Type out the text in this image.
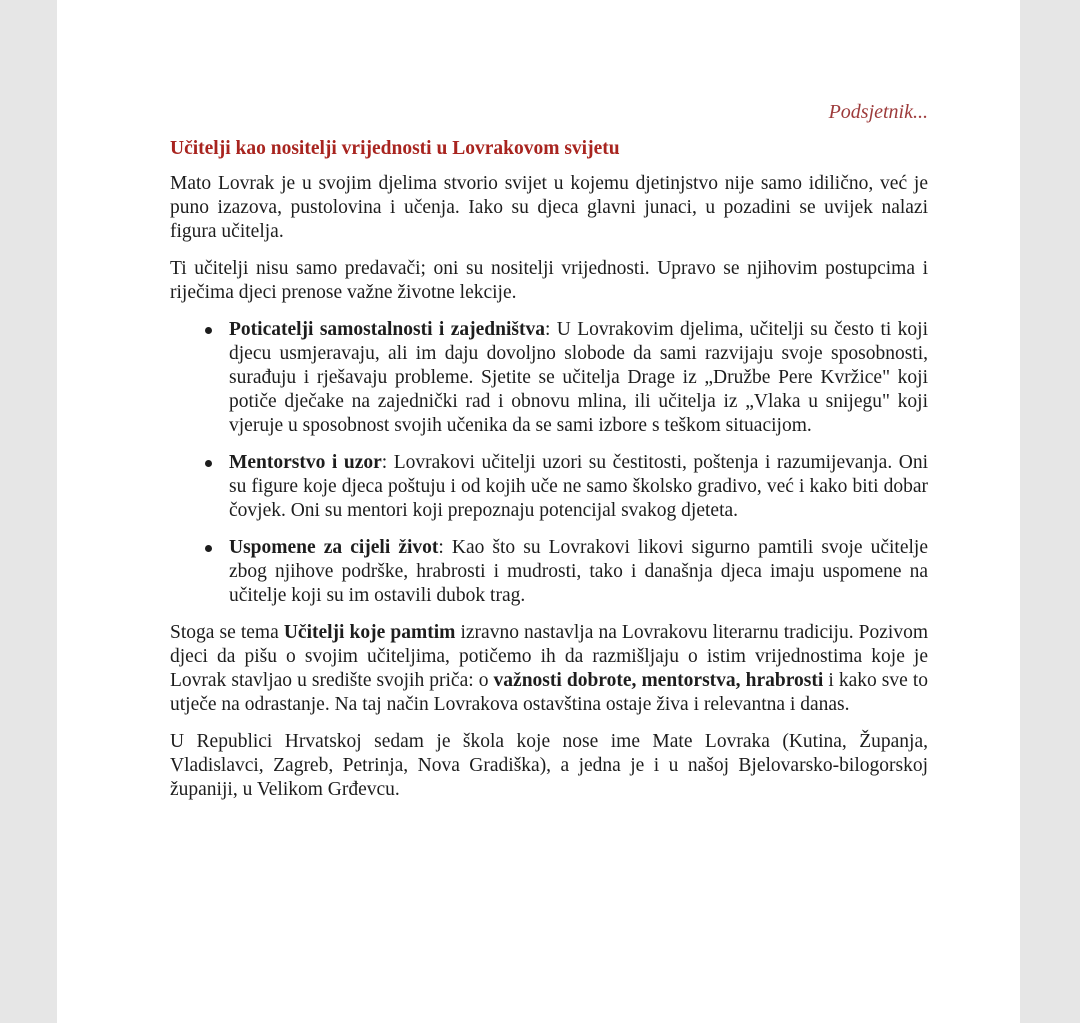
Podsjetnik...
Učitelji kao nositelji vrijednosti u Lovrakovom svijetu

Mato Lovrak je u svojim djelima stvorio svijet u kojemu djetinjstvo nije samo idilično, već je puno izazova, pustolovina i učenja. Iako su djeca glavni junaci, u pozadini se uvijek nalazi figura učitelja.

Ti učitelji nisu samo predavači; oni su nositelji vrijednosti. Upravo se njihovim postupcima i riječima djeci prenose važne životne lekcije.

Poticatelji samostalnosti i zajedništva: U Lovrakovim djelima, učitelji su često ti koji djecu usmjeravaju, ali im daju dovoljno slobode da sami razvijaju svoje sposobnosti, surađuju i rješavaju probleme. Sjetite se učitelja Drage iz „Družbe Pere Kvržice" koji potiče dječake na zajednički rad i obnovu mlina, ili učitelja iz „Vlaka u snijegu" koji vjeruje u sposobnost svojih učenika da se sami izbore s teškom situacijom.
Mentorstvo i uzor: Lovrakovi učitelji uzori su čestitosti, poštenja i razumijevanja. Oni su figure koje djeca poštuju i od kojih uče ne samo školsko gradivo, već i kako biti dobar čovjek. Oni su mentori koji prepoznaju potencijal svakog djeteta.
Uspomene za cijeli život: Kao što su Lovrakovi likovi sigurno pamtili svoje učitelje zbog njihove podrške, hrabrosti i mudrosti, tako i današnja djeca imaju uspomene na učitelje koji su im ostavili dubok trag.

Stoga se tema Učitelji koje pamtim izravno nastavlja na Lovrakovu literarnu tradiciju. Pozivom djeci da pišu o svojim učiteljima, potičemo ih da razmišljaju o istim vrijednostima koje je Lovrak stavljao u središte svojih priča: o važnosti dobrote, mentorstva, hrabrosti i kako sve to utječe na odrastanje. Na taj način Lovrakova ostavština ostaje živa i relevantna i danas.

U Republici Hrvatskoj sedam je škola koje nose ime Mate Lovraka (Kutina, Županja, Vladislavci, Zagreb, Petrinja, Nova Gradiška), a jedna je i u našoj Bjelovarsko-bilogorskoj županiji, u Velikom Grđevcu.
